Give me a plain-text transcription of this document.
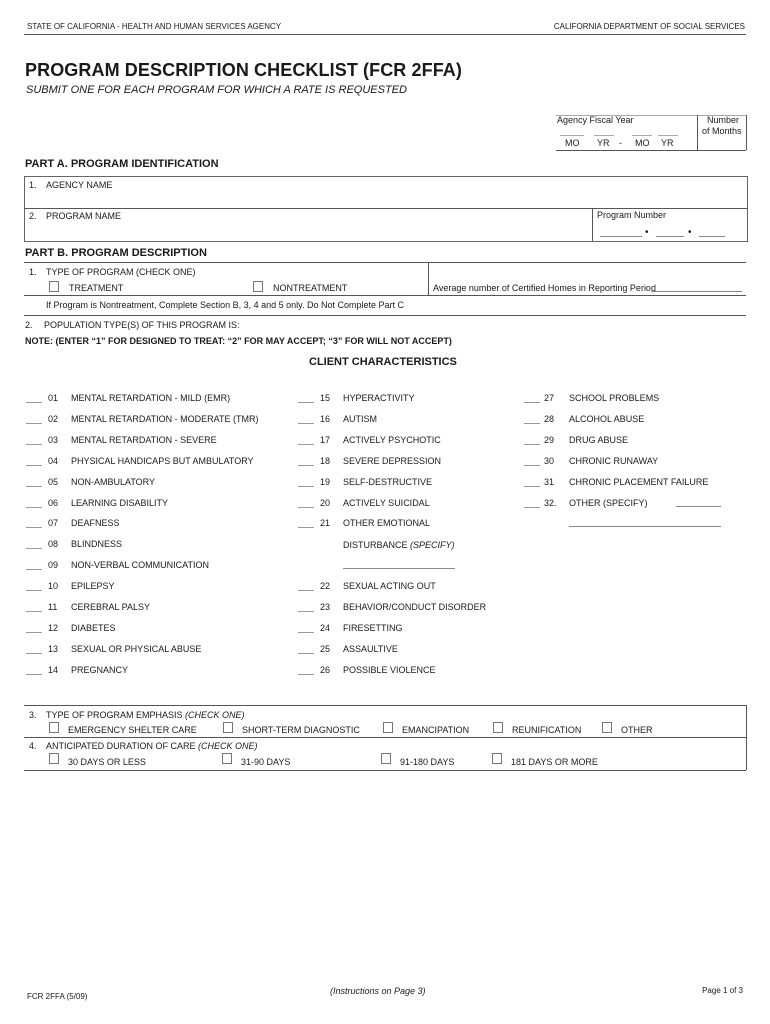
STATE OF CALIFORNIA - HEALTH AND HUMAN SERVICES AGENCY	CALIFORNIA DEPARTMENT OF SOCIAL SERVICES
PROGRAM DESCRIPTION CHECKLIST (FCR 2FFA)
SUBMIT ONE FOR EACH PROGRAM FOR WHICH A RATE IS REQUESTED
Agency Fiscal Year	Number
of Months
MO YR - MO YR
PART A. PROGRAM IDENTIFICATION
1. AGENCY NAME
2. PROGRAM NAME	Program Number
•	•
PART B. PROGRAM DESCRIPTION
1. TYPE OF PROGRAM (CHECK ONE)
TREATMENT	NONTREATMENT	Average number of Certified Homes in Reporting Period
If Program is Nontreatment, Complete Section B, 3, 4 and 5 only. Do Not Complete Part C
2. POPULATION TYPE(S) OF THIS PROGRAM IS:
NOTE: (ENTER “1” FOR DESIGNED TO TREAT: “2” FOR MAY ACCEPT; “3” FOR WILL NOT ACCEPT)
CLIENT CHARACTERISTICS
01 MENTAL RETARDATION - MILD (EMR)
02 MENTAL RETARDATION - MODERATE (TMR)
03 MENTAL RETARDATION - SEVERE
04 PHYSICAL HANDICAPS BUT AMBULATORY
05 NON-AMBULATORY
06 LEARNING DISABILITY
07 DEAFNESS
08 BLINDNESS
09 NON-VERBAL COMMUNICATION
10 EPILEPSY
11 CEREBRAL PALSY
12 DIABETES
13 SEXUAL OR PHYSICAL ABUSE
14 PREGNANCY
15 HYPERACTIVITY
16 AUTISM
17 ACTIVELY PSYCHOTIC
18 SEVERE DEPRESSION
19 SELF-DESTRUCTIVE
20 ACTIVELY SUICIDAL
21 OTHER EMOTIONAL
22 SEXUAL ACTING OUT
23 BEHAVIOR/CONDUCT DISORDER
24 FIRESETTING
25 ASSAULTIVE
26 POSSIBLE VIOLENCE
27 SCHOOL PROBLEMS
28 ALCOHOL ABUSE
29 DRUG ABUSE
30 CHRONIC RUNAWAY
31 CHRONIC PLACEMENT FAILURE
32. OTHER (SPECIFY)
DISTURBANCE (SPECIFY)
3. TYPE OF PROGRAM EMPHASIS (CHECK ONE)
EMERGENCY SHELTER CARE	SHORT-TERM DIAGNOSTIC	EMANCIPATION	REUNIFICATION	OTHER
4. ANTICIPATED DURATION OF CARE (CHECK ONE)
30 DAYS OR LESS	31-90 DAYS	91-180 DAYS	181 DAYS OR MORE
FCR 2FFA (5/09)
(Instructions on Page 3)	Page 1 of 3
